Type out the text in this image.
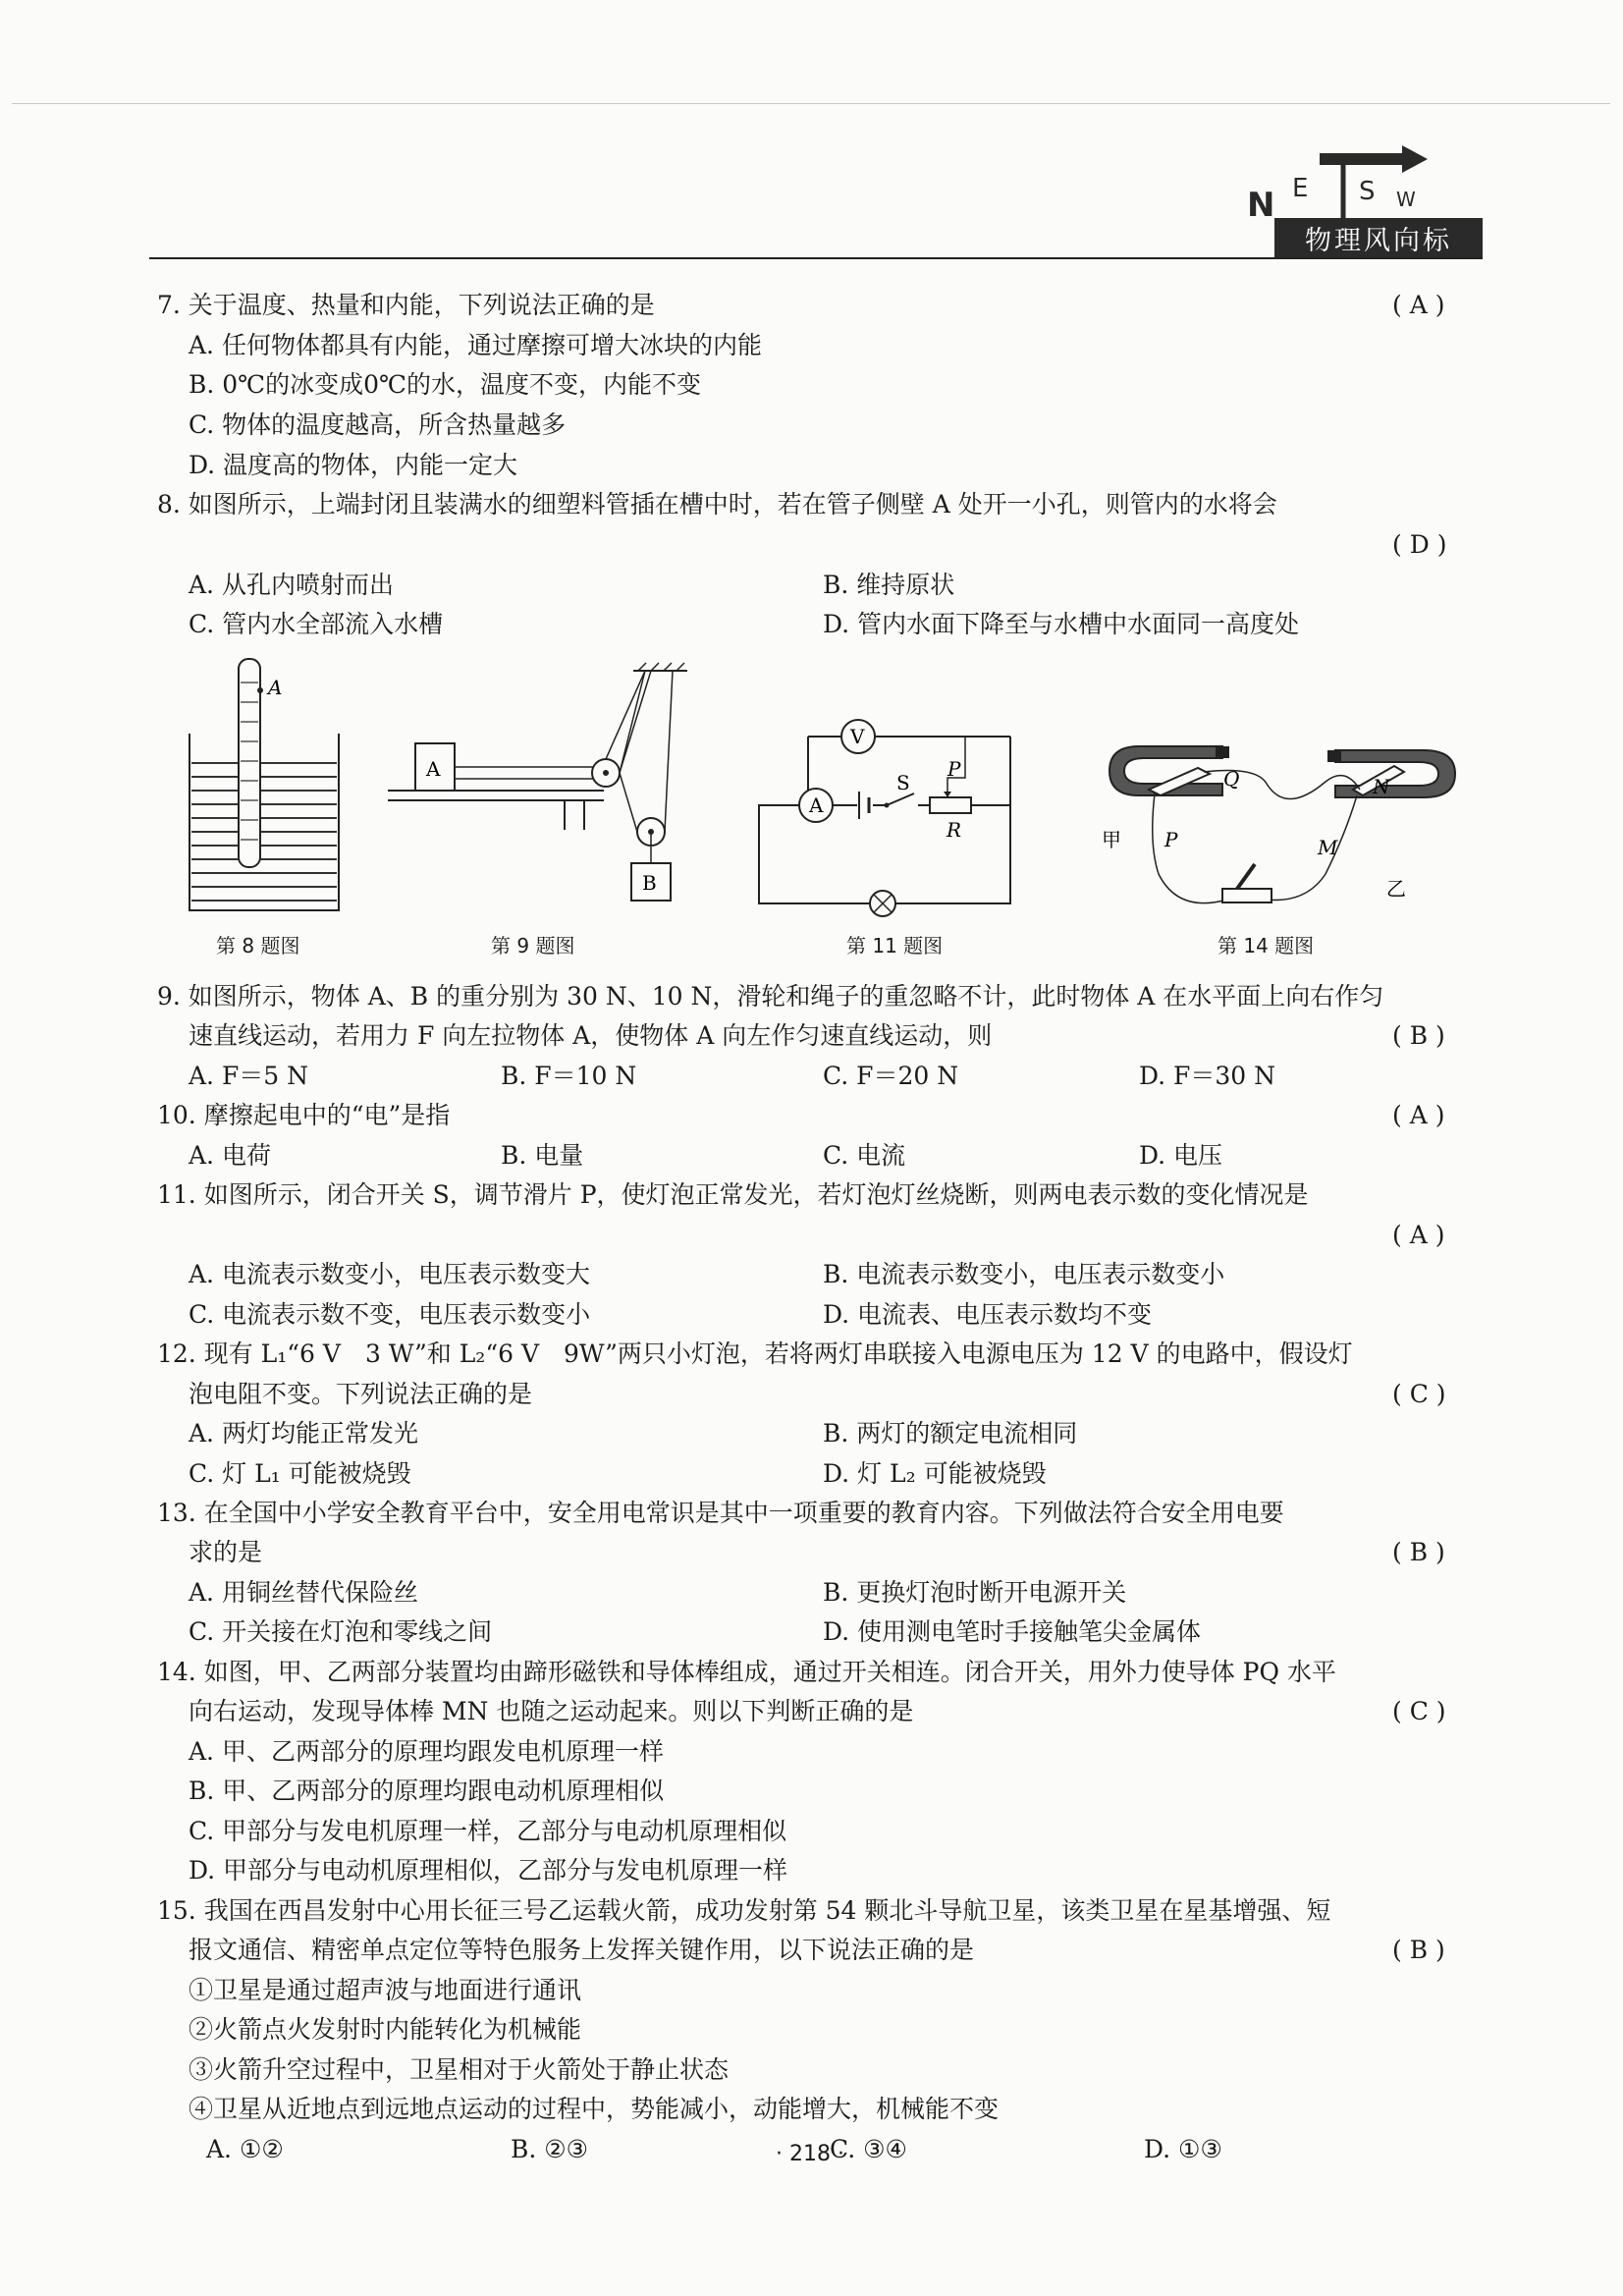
N E S W
物理风向标
7. 关于温度、热量和内能，下列说法正确的是	( A )
A. 任何物体都具有内能，通过摩擦可增大冰块的内能
B. 0℃的冰变成0℃的水，温度不变，内能不变
C. 物体的温度越高，所含热量越多
D. 温度高的物体，内能一定大
8. 如图所示，上端封闭且装满水的细塑料管插在槽中时，若在管子侧壁 A 处开一小孔，则管内的水将会
( D )
A. 从孔内喷射而出	B. 维持原状
C. 管内水全部流入水槽	D. 管内水面下降至与水槽中水面同一高度处
A
第 8 题图
A
B
第 9 题图
V
A
S
P
R
第 11 题图
Q	N
P	M
甲
乙
第 14 题图
9. 如图所示，物体 A、B 的重分别为 30 N、10 N，滑轮和绳子的重忽略不计，此时物体 A 在水平面上向右作匀
速直线运动，若用力 F 向左拉物体 A，使物体 A 向左作匀速直线运动，则	( B )
A. F＝5 N	B. F＝10 N	C. F＝20 N	D. F＝30 N
10. 摩擦起电中的“电”是指	( A )
A. 电荷	B. 电量	C. 电流	D. 电压
11. 如图所示，闭合开关 S，调节滑片 P，使灯泡正常发光，若灯泡灯丝烧断，则两电表示数的变化情况是
( A )
A. 电流表示数变小，电压表示数变大	B. 电流表示数变小，电压表示数变小
C. 电流表示数不变，电压表示数变小	D. 电流表、电压表示数均不变
12. 现有 L₁“6 V　3 W”和 L₂“6 V　9W”两只小灯泡，若将两灯串联接入电源电压为 12 V 的电路中，假设灯
泡电阻不变。下列说法正确的是	( C )
A. 两灯均能正常发光	B. 两灯的额定电流相同
C. 灯 L₁ 可能被烧毁	D. 灯 L₂ 可能被烧毁
13. 在全国中小学安全教育平台中，安全用电常识是其中一项重要的教育内容。下列做法符合安全用电要
求的是	( B )
A. 用铜丝替代保险丝	B. 更换灯泡时断开电源开关
C. 开关接在灯泡和零线之间	D. 使用测电笔时手接触笔尖金属体
14. 如图，甲、乙两部分装置均由蹄形磁铁和导体棒组成，通过开关相连。闭合开关，用外力使导体 PQ 水平
向右运动，发现导体棒 MN 也随之运动起来。则以下判断正确的是	( C )
A. 甲、乙两部分的原理均跟发电机原理一样
B. 甲、乙两部分的原理均跟电动机原理相似
C. 甲部分与发电机原理一样，乙部分与电动机原理相似
D. 甲部分与电动机原理相似，乙部分与发电机原理一样
15. 我国在西昌发射中心用长征三号乙运载火箭，成功发射第 54 颗北斗导航卫星，该类卫星在星基增强、短
报文通信、精密单点定位等特色服务上发挥关键作用，以下说法正确的是	( B )
①卫星是通过超声波与地面进行通讯
②火箭点火发射时内能转化为机械能
③火箭升空过程中，卫星相对于火箭处于静止状态
④卫星从近地点到远地点运动的过程中，势能减小，动能增大，机械能不变
A. ①②	B. ②③	C. ③④	D. ①③
· 218 ·
